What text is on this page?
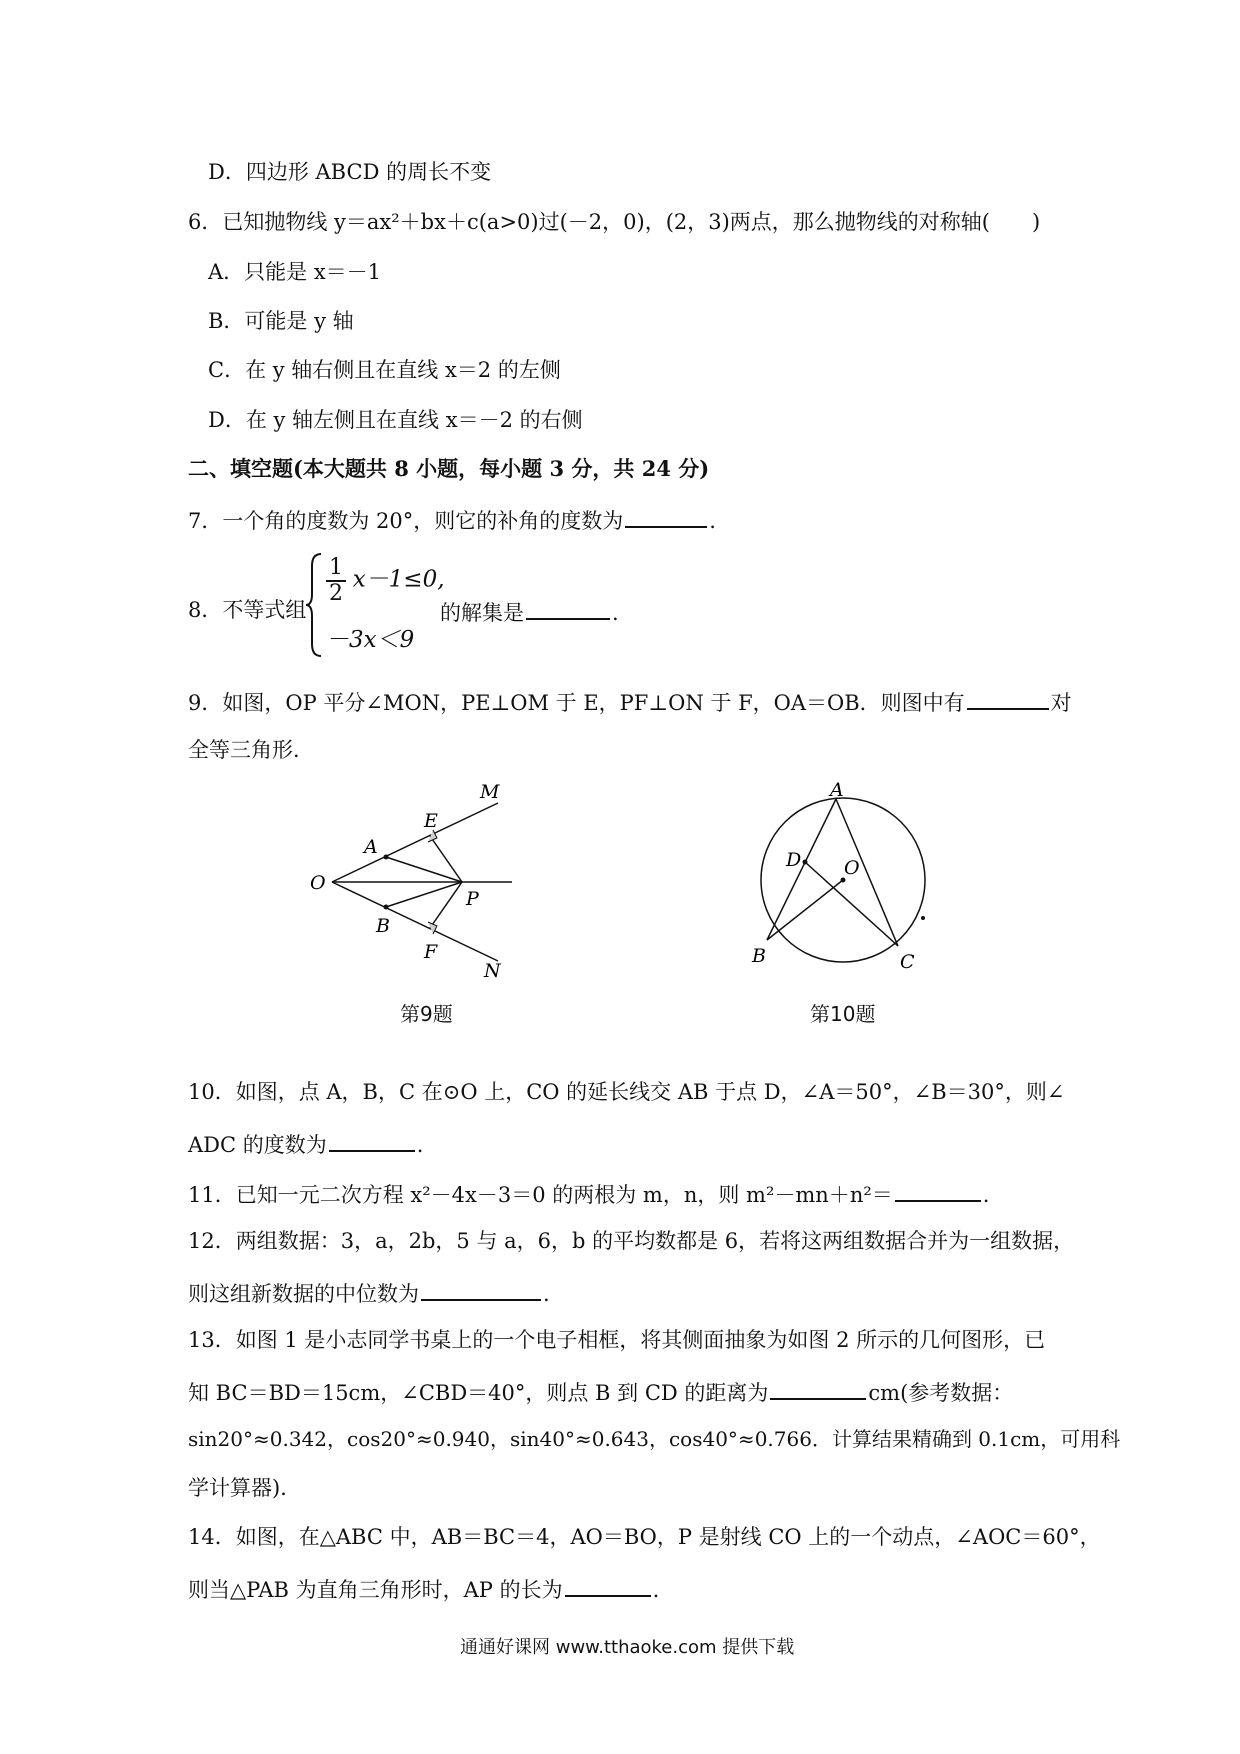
D．四边形 ABCD 的周长不变
6．已知抛物线 y＝ax²＋bx＋c(a>0)过(－2，0)，(2，3)两点，那么抛物线的对称轴(　　)
A．只能是 x＝－1
B．可能是 y 轴
C．在 y 轴右侧且在直线 x＝2 的左侧
D．在 y 轴左侧且在直线 x＝－2 的右侧
二、填空题(本大题共 8 小题，每小题 3 分，共 24 分)
7．一个角的度数为 20°，则它的补角的度数为	.
8．不等式组
$\frac{1}{2} x-1\le 0$,
－3x＜9
的解集是	.
9．如图，OP 平分∠MON，PE⊥OM 于 E，PF⊥ON 于 F，OA＝OB．则图中有	对
全等三角形．
O
A
E
M
P
B
F
N
第9题
A
D O
B	C
第10题
10．如图，点 A，B，C 在⊙O 上，CO 的延长线交 AB 于点 D，∠A＝50°，∠B＝30°，则∠
ADC 的度数为	.
11．已知一元二次方程 x²－4x－3＝0 的两根为 m，n，则 m²－mn＋n²＝	.
12．两组数据：3，a，2b，5 与 a，6，b 的平均数都是 6，若将这两组数据合并为一组数据，
则这组新数据的中位数为	.
13．如图 1 是小志同学书桌上的一个电子相框，将其侧面抽象为如图 2 所示的几何图形，已
知 BC＝BD＝15cm，∠CBD＝40°，则点 B 到 CD 的距离为	cm(参考数据：
sin20°≈0.342，cos20°≈0.940，sin40°≈0.643，cos40°≈0.766．计算结果精确到 0.1cm，可用科
学计算器)．
14．如图，在△ABC 中，AB＝BC＝4，AO＝BO，P 是射线 CO 上的一个动点，∠AOC＝60°，
则当△PAB 为直角三角形时，AP 的长为	.
通通好课网 www.tthaoke.com 提供下载
